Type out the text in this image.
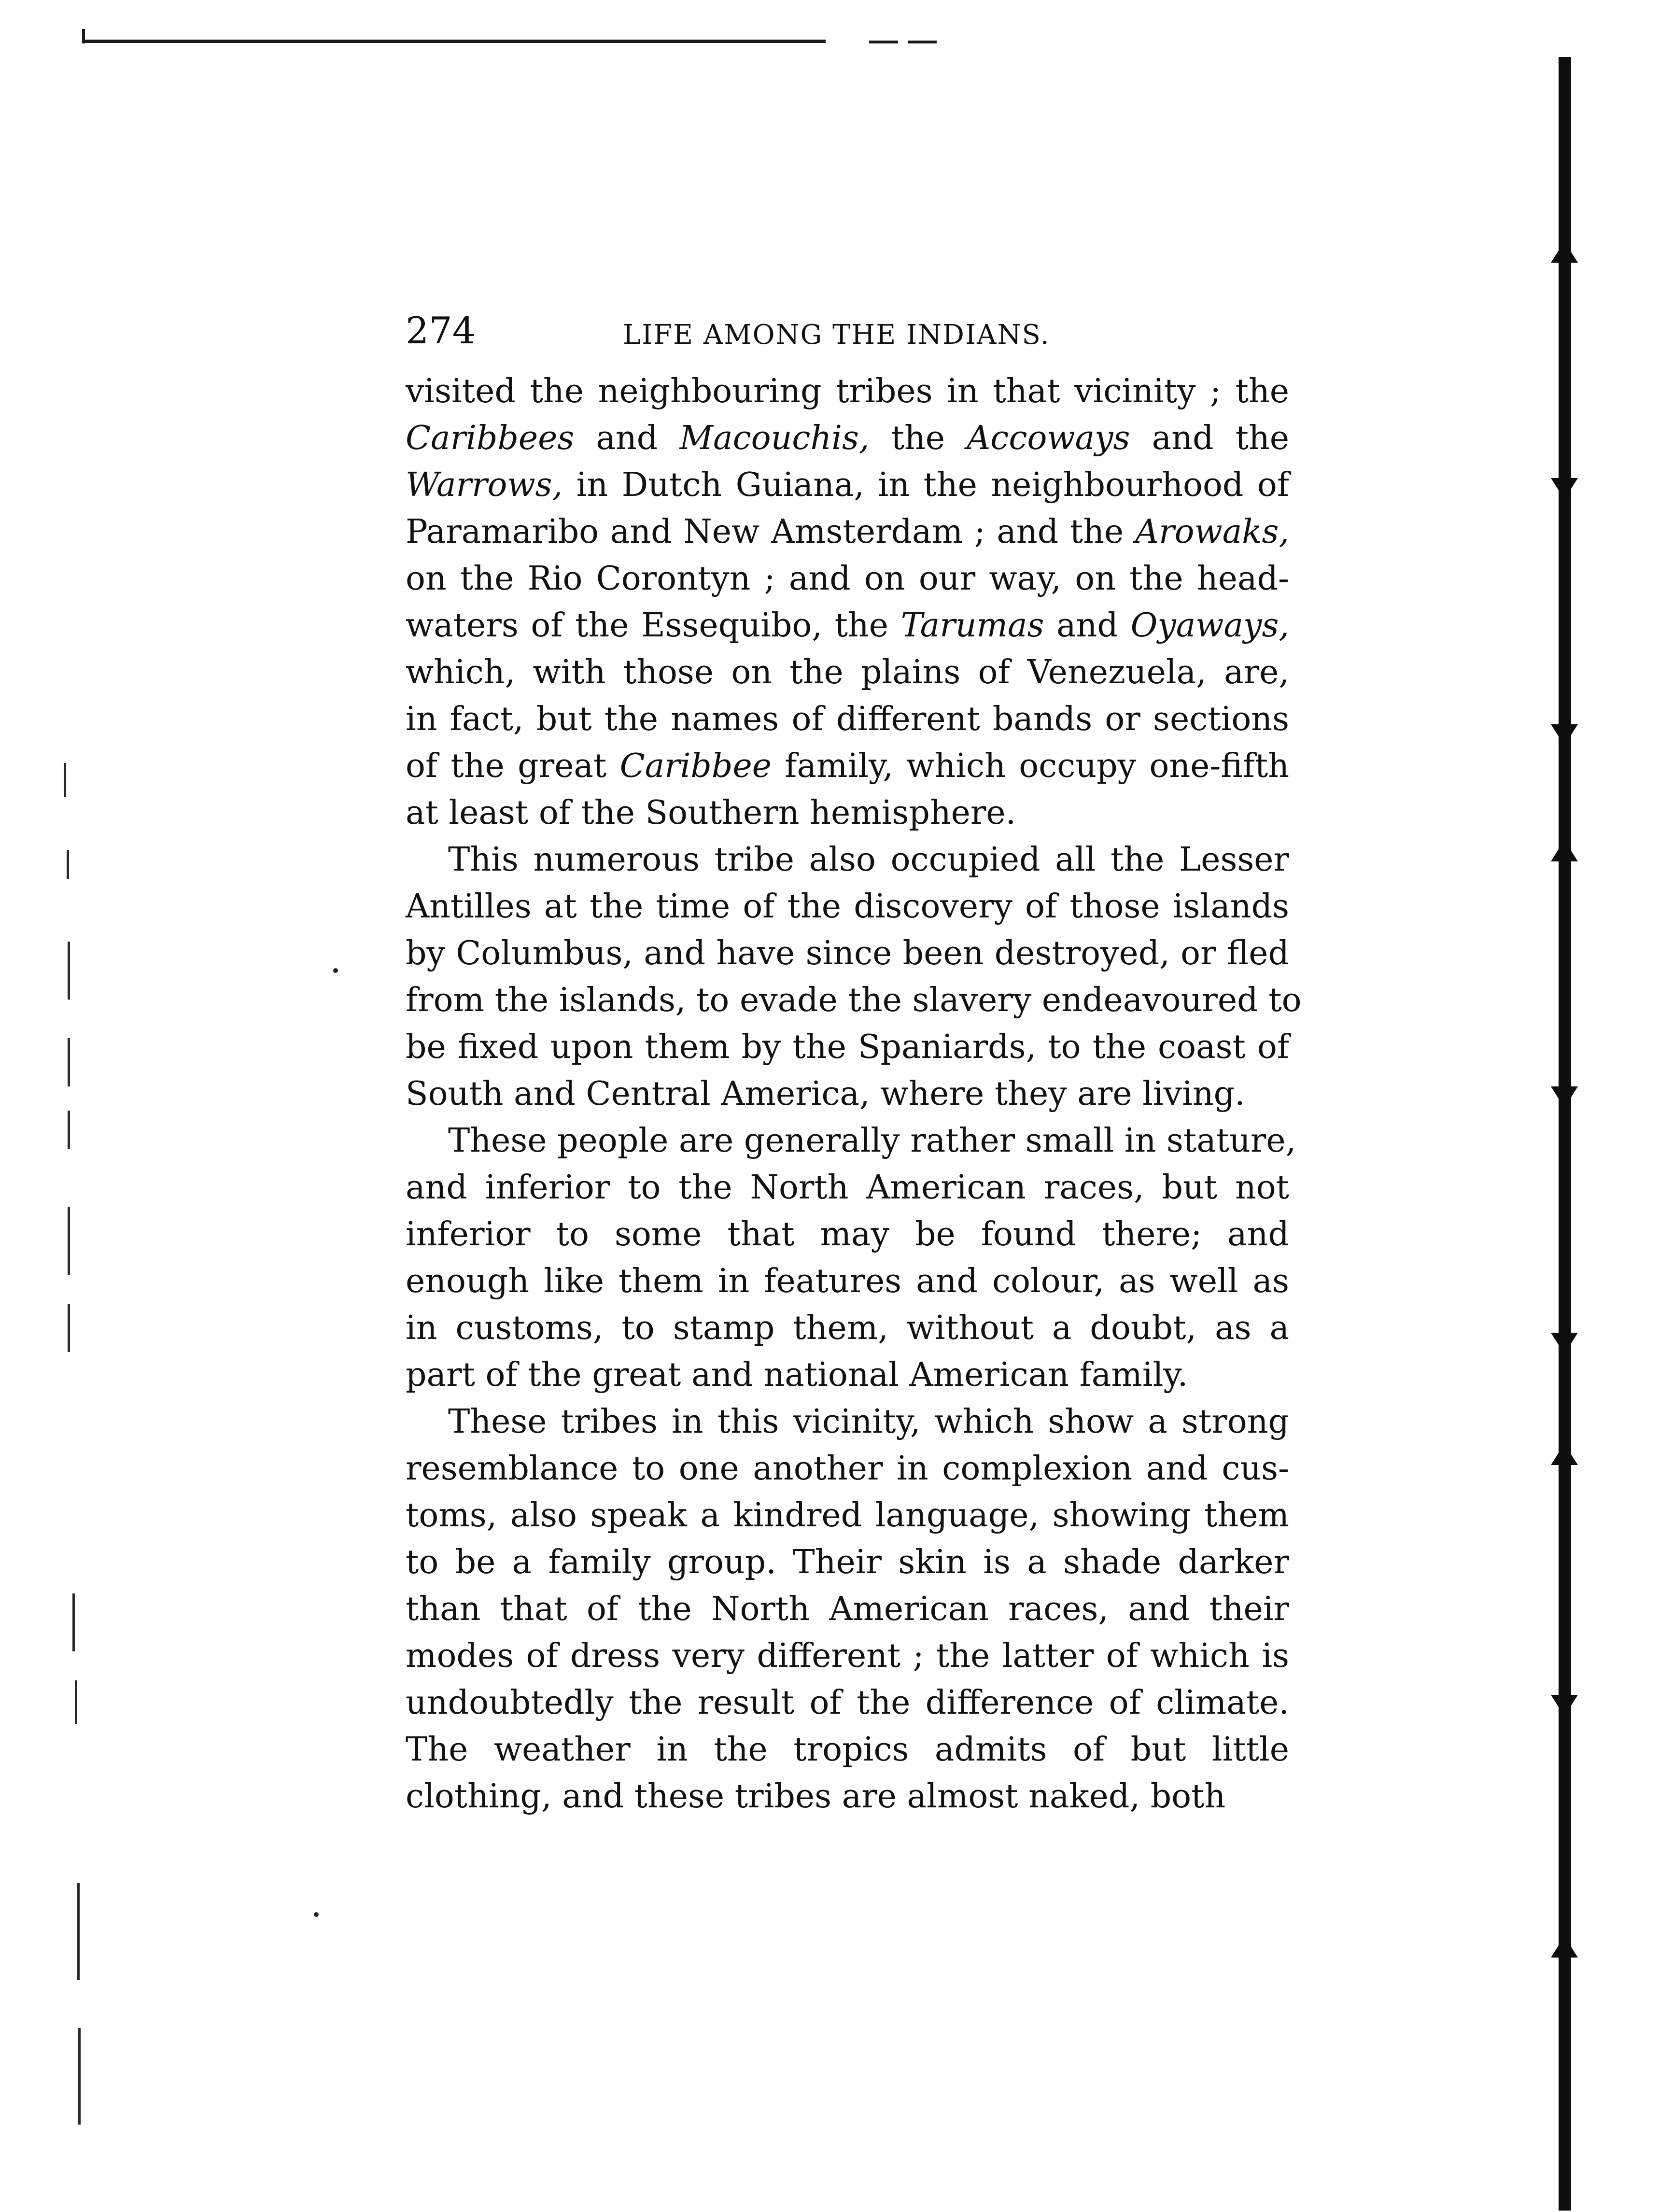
274	LIFE AMONG THE INDIANS.
visited the neighbouring tribes in that vicinity ; the
Caribbees and Macouchis, the Accoways and the
Warrows, in Dutch Guiana, in the neighbourhood of
Paramaribo and New Amsterdam ; and the Arowaks,
on the Rio Corontyn ; and on our way, on the head-
waters of the Essequibo, the Tarumas and Oyaways,
which, with those on the plains of Venezuela, are,
in fact, but the names of different bands or sections
of the great Caribbee family, which occupy one-fifth
at least of the Southern hemisphere.
This numerous tribe also occupied all the Lesser
Antilles at the time of the discovery of those islands
by Columbus, and have since been destroyed, or fled
from the islands, to evade the slavery endeavoured to
be fixed upon them by the Spaniards, to the coast of
South and Central America, where they are living.
These people are generally rather small in stature,
and inferior to the North American races, but not
inferior to some that may be found there; and
enough like them in features and colour, as well as
in customs, to stamp them, without a doubt, as a
part of the great and national American family.
These tribes in this vicinity, which show a strong
resemblance to one another in complexion and cus-
toms, also speak a kindred language, showing them
to be a family group. Their skin is a shade darker
than that of the North American races, and their
modes of dress very different ; the latter of which is
undoubtedly the result of the difference of climate.
The weather in the tropics admits of but little
clothing, and these tribes are almost naked, both
